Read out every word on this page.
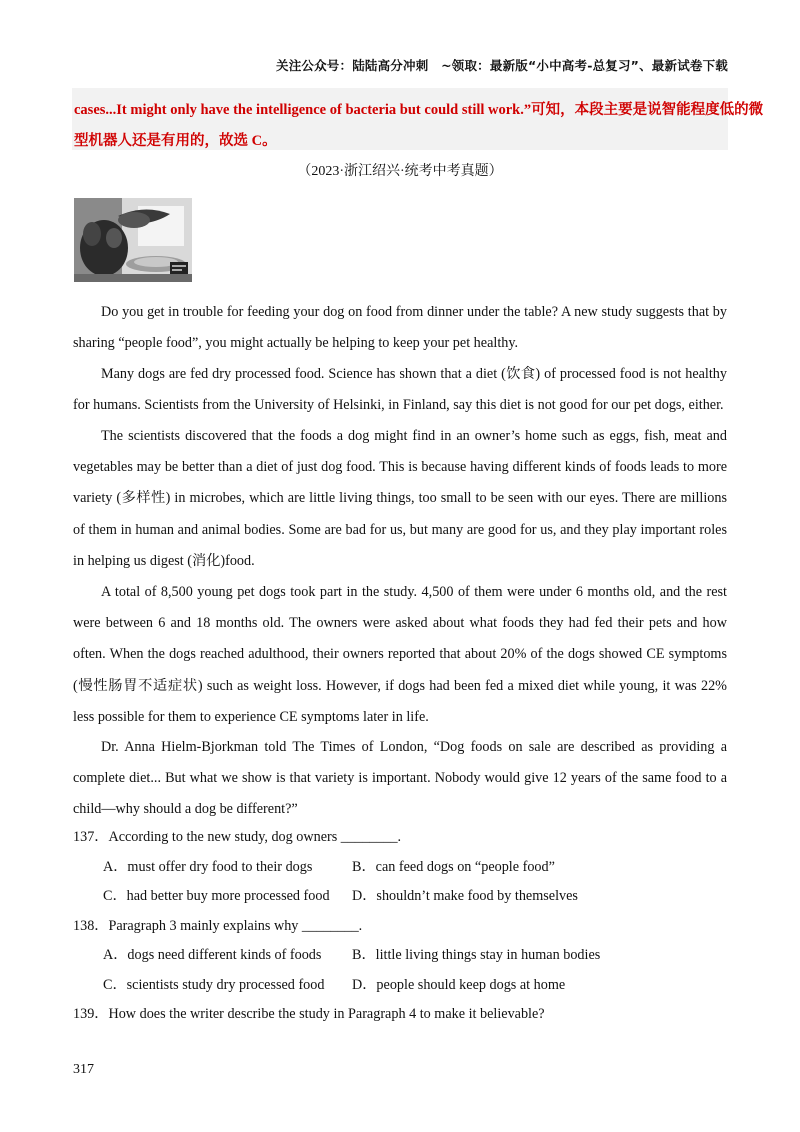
关注公众号：陆陆高分冲刺　~领取：最新版“小中高考-总复习”、最新试卷下载
cases...It might only have the intelligence of bacteria but could still work.”可知，本段主要是说智能程度低的微
型机器人还是有用的，故选 C。
（2023·浙江绍兴·统考中考真题）

Do you get in trouble for feeding your dog on food from dinner under the table? A new study suggests that by sharing “people food”, you might actually be helping to keep your pet healthy.

Many dogs are fed dry processed food. Science has shown that a diet (饮食) of processed food is not healthy for humans. Scientists from the University of Helsinki, in Finland, say this diet is not good for our pet dogs, either.

The scientists discovered that the foods a dog might find in an owner’s home such as eggs, fish, meat and vegetables may be better than a diet of just dog food. This is because having different kinds of foods leads to more variety (多样性) in microbes, which are little living things, too small to be seen with our eyes. There are millions of them in human and animal bodies. Some are bad for us, but many are good for us, and they play important roles in helping us digest (消化)food.

A total of 8,500 young pet dogs took part in the study. 4,500 of them were under 6 months old, and the rest were between 6 and 18 months old. The owners were asked about what foods they had fed their pets and how often. When the dogs reached adulthood, their owners reported that about 20% of the dogs showed CE symptoms (慢性肠胃不适症状) such as weight loss. However, if dogs had been fed a mixed diet while young, it was 22% less possible for them to experience CE symptoms later in life.

Dr. Anna Hielm-Bjorkman told The Times of London, “Dog foods on sale are described as providing a complete diet... But what we show is that variety is important. Nobody would give 12 years of the same food to a child—why should a dog be different?”

137．According to the new study, dog owners ________.
A．must offer dry food to their dogs	B．can feed dogs on “people food”
C．had better buy more processed food D．shouldn’t make food by themselves
138．Paragraph 3 mainly explains why ________.
A．dogs need different kinds of foods B．little living things stay in human bodies
C．scientists study dry processed food D．people should keep dogs at home
139．How does the writer describe the study in Paragraph 4 to make it believable?
317
